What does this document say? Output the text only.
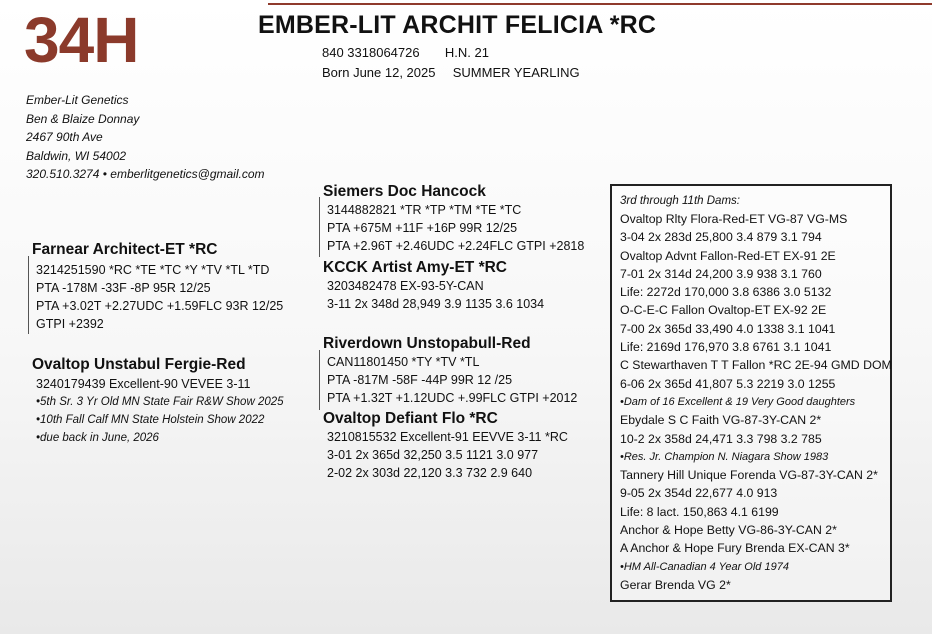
34H	EMBER-LIT ARCHIT FELICIA *RC
840 3318064726 H.N. 21
Born June 12, 2025 SUMMER YEARLING
Ember-Lit Genetics
Ben & Blaize Donnay
2467 90th Ave
Baldwin, WI 54002
320.510.3274 • emberlitgenetics@gmail.com
Farnear Architect-ET *RC
3214251590 *RC *TE *TC *Y *TV *TL *TD
PTA -178M -33F -8P 95R 12/25
PTA +3.02T +2.27UDC +1.59FLC 93R 12/25
GTPI +2392
Ovaltop Unstabul Fergie-Red
3240179439 Excellent-90 VEVEE 3-11
•5th Sr. 3 Yr Old MN State Fair R&W Show 2025
•10th Fall Calf MN State Holstein Show 2022
•due back in June, 2026
Siemers Doc Hancock
3144882821 *TR *TP *TM *TE *TC
PTA +675M +11F +16P 99R 12/25
PTA +2.96T +2.46UDC +2.24FLC GTPI +2818
KCCK Artist Amy-ET *RC
3203482478 EX-93-5Y-CAN
3-11 2x 348d 28,949 3.9 1135 3.6 1034
Riverdown Unstopabull-Red
CAN11801450 *TY *TV *TL
PTA -817M -58F -44P 99R 12 /25
PTA +1.32T +1.12UDC +.99FLC GTPI +2012
Ovaltop Defiant Flo *RC
3210815532 Excellent-91 EEVVE 3-11 *RC
3-01 2x 365d 32,250 3.5 1121 3.0 977
2-02 2x 303d 22,120 3.3 732 2.9 640
3rd through 11th Dams:
Ovaltop Rlty Flora-Red-ET VG-87 VG-MS
3-04 2x 283d 25,800 3.4 879 3.1 794
Ovaltop Advnt Fallon-Red-ET EX-91 2E
7-01 2x 314d 24,200 3.9 938 3.1 760
Life: 2272d 170,000 3.8 6386 3.0 5132
O-C-E-C Fallon Ovaltop-ET EX-92 2E
7-00 2x 365d 33,490 4.0 1338 3.1 1041
Life: 2169d 176,970 3.8 6761 3.1 1041
C Stewarthaven T T Fallon *RC 2E-94 GMD DOM
6-06 2x 365d 41,807 5.3 2219 3.0 1255
•Dam of 16 Excellent & 19 Very Good daughters
Ebydale S C Faith VG-87-3Y-CAN 2*
10-2 2x 358d 24,471 3.3 798 3.2 785
•Res. Jr. Champion N. Niagara Show 1983
Tannery Hill Unique Forenda VG-87-3Y-CAN 2*
9-05 2x 354d 22,677 4.0 913
Life: 8 lact. 150,863 4.1 6199
Anchor & Hope Betty VG-86-3Y-CAN 2*
A Anchor & Hope Fury Brenda EX-CAN 3*
•HM All-Canadian 4 Year Old 1974
Gerar Brenda VG 2*
